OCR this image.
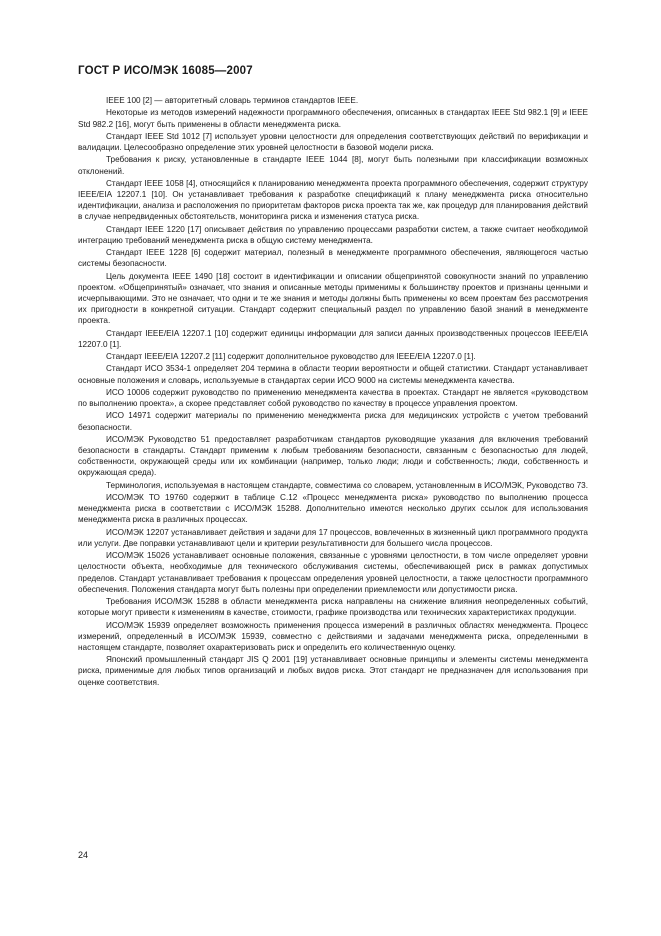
ГОСТ Р ИСО/МЭК 16085—2007

IEEE 100 [2] — авторитетный словарь терминов стандартов IEEE.

Некоторые из методов измерений надежности программного обеспечения, описанных в стандартах IEEE Std 982.1 [9] и IEEE Std 982.2 [16], могут быть применены в области менеджмента риска.

Стандарт IEEE Std 1012 [7] использует уровни целостности для определения соответствующих действий по верификации и валидации. Целесообразно определение этих уровней целостности в базовой модели риска.

Требования к риску, установленные в стандарте IEEE 1044 [8], могут быть полезными при классификации возможных отклонений.

Стандарт IEEE 1058 [4], относящийся к планированию менеджмента проекта программного обеспечения, содержит структуру IEEE/EIA 12207.1 [10]. Он устанавливает требования к разработке спецификаций к плану менеджмента риска относительно идентификации, анализа и расположения по приоритетам факторов риска проекта так же, как процедур для планирования действий в случае непредвиденных обстоятельств, мониторинга риска и изменения статуса риска.

Стандарт IEEE 1220 [17] описывает действия по управлению процессами разработки систем, а также считает необходимой интеграцию требований менеджмента риска в общую систему менеджмента.

Стандарт IEEE 1228 [6] содержит материал, полезный в менеджменте программного обеспечения, являющегося частью системы безопасности.

Цель документа IEEE 1490 [18] состоит в идентификации и описании общепринятой совокупности знаний по управлению проектом. «Общепринятый» означает, что знания и описанные методы применимы к большинству проектов и признаны ценными и исчерпывающими. Это не означает, что одни и те же знания и методы должны быть применены ко всем проектам без рассмотрения их пригодности в конкретной ситуации. Стандарт содержит специальный раздел по управлению базой знаний в менеджменте проекта.

Стандарт IEEE/EIA 12207.1 [10] содержит единицы информации для записи данных производственных процессов IEEE/EIA 12207.0 [1].

Стандарт IEEE/EIA 12207.2 [11] содержит дополнительное руководство для IEEE/EIA 12207.0 [1].

Стандарт ИСО 3534-1 определяет 204 термина в области теории вероятности и общей статистики. Стандарт устанавливает основные положения и словарь, используемые в стандартах серии ИСО 9000 на системы менеджмента качества.

ИСО 10006 содержит руководство по применению менеджмента качества в проектах. Стандарт не является «руководством по выполнению проекта», а скорее представляет собой руководство по качеству в процессе управления проектом.

ИСО 14971 содержит материалы по применению менеджмента риска для медицинских устройств с учетом требований безопасности.

ИСО/МЭК Руководство 51 предоставляет разработчикам стандартов руководящие указания для включения требований безопасности в стандарты. Стандарт применим к любым требованиям безопасности, связанным с безопасностью для людей, собственности, окружающей среды или их комбинации (например, только люди; люди и собственность; люди, собственность и окружающая среда).

Терминология, используемая в настоящем стандарте, совместима со словарем, установленным в ИСО/МЭК, Руководство 73.

ИСО/МЭК ТО 19760 содержит в таблице С.12 «Процесс менеджмента риска» руководство по выполнению процесса менеджмента риска в соответствии с ИСО/МЭК 15288. Дополнительно имеются несколько других ссылок для использования менеджмента риска в различных процессах.

ИСО/МЭК 12207 устанавливает действия и задачи для 17 процессов, вовлеченных в жизненный цикл программного продукта или услуги. Две поправки устанавливают цели и критерии результативности для большего числа процессов.

ИСО/МЭК 15026 устанавливает основные положения, связанные с уровнями целостности, в том числе определяет уровни целостности объекта, необходимые для технического обслуживания системы, обеспечивающей риск в рамках допустимых пределов. Стандарт устанавливает требования к процессам определения уровней целостности, а также целостности программного обеспечения. Положения стандарта могут быть полезны при определении приемлемости или допустимости риска.

Требования ИСО/МЭК 15288 в области менеджмента риска направлены на снижение влияния неопределенных событий, которые могут привести к изменениям в качестве, стоимости, графике производства или технических характеристиках продукции.

ИСО/МЭК 15939 определяет возможность применения процесса измерений в различных областях менеджмента. Процесс измерений, определенный в ИСО/МЭК 15939, совместно с действиями и задачами менеджмента риска, определенными в настоящем стандарте, позволяет охарактеризовать риск и определить его количественную оценку.

Японский промышленный стандарт JIS Q 2001 [19] устанавливает основные принципы и элементы системы менеджмента риска, применимые для любых типов организаций и любых видов риска. Этот стандарт не предназначен для использования при оценке соответствия.

24
